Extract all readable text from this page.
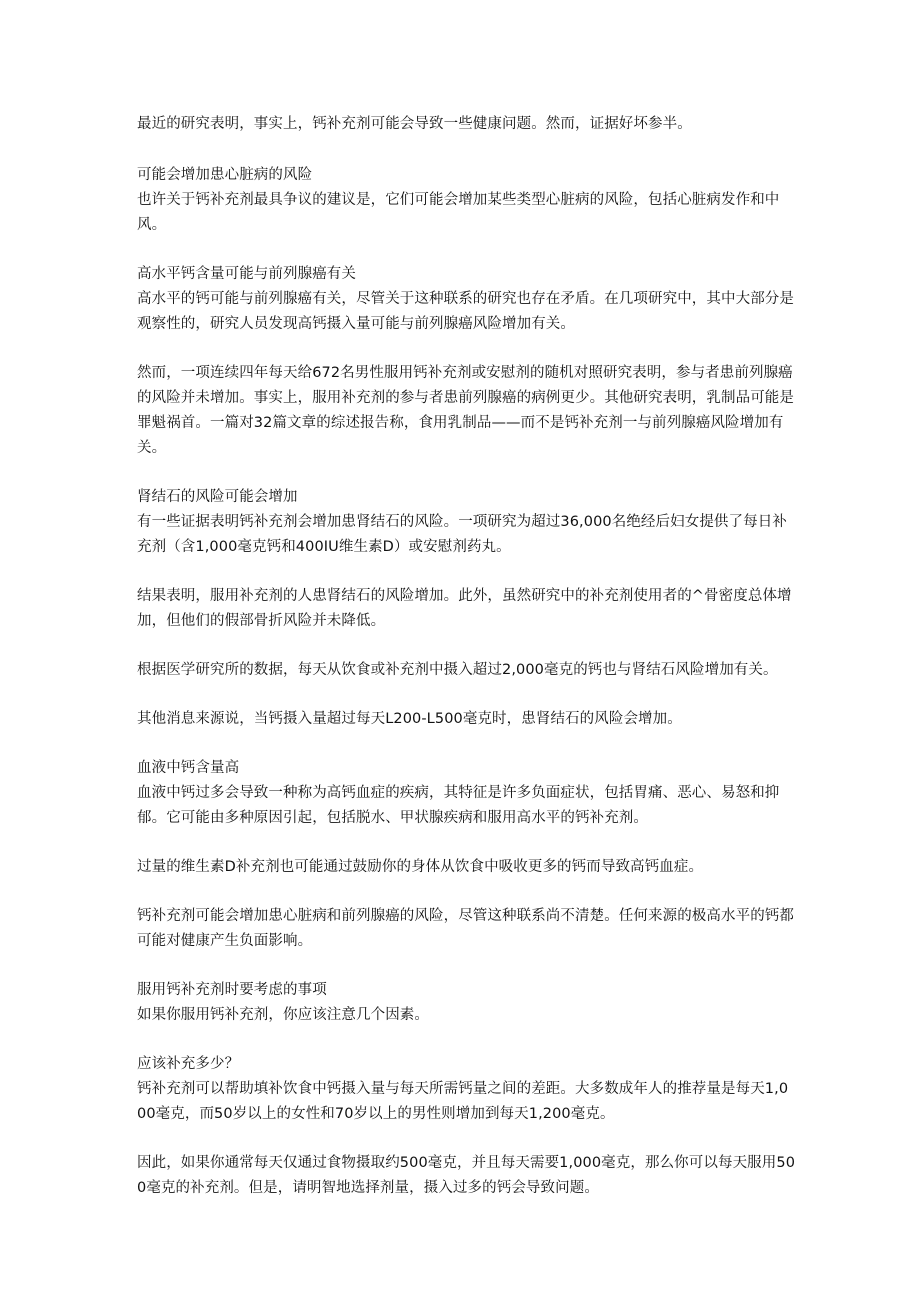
最近的研究表明，事实上，钙补充剂可能会导致一些健康问题。然而，证据好坏参半。

可能会增加患心脏病的风险

也许关于钙补充剂最具争议的建议是，它们可能会增加某些类型心脏病的风险，包括心脏病发作和中风。

高水平钙含量可能与前列腺癌有关

高水平的钙可能与前列腺癌有关，尽管关于这种联系的研究也存在矛盾。在几项研究中，其中大部分是观察性的，研究人员发现高钙摄入量可能与前列腺癌风险增加有关。

然而，一项连续四年每天给672名男性服用钙补充剂或安慰剂的随机对照研究表明，参与者患前列腺癌的风险并未增加。事实上，服用补充剂的参与者患前列腺癌的病例更少。其他研究表明，乳制品可能是罪魁祸首。一篇对32篇文章的综述报告称，食用乳制品——而不是钙补充剂一与前列腺癌风险增加有关。

肾结石的风险可能会增加

有一些证据表明钙补充剂会增加患肾结石的风险。一项研究为超过36,000名绝经后妇女提供了每日补充剂（含1,000毫克钙和400IU维生素D）或安慰剂药丸。

结果表明，服用补充剂的人患肾结石的风险增加。此外，虽然研究中的补充剂使用者的^骨密度总体增加，但他们的假部骨折风险并未降低。

根据医学研究所的数据，每天从饮食或补充剂中摄入超过2,000毫克的钙也与肾结石风险增加有关。

其他消息来源说，当钙摄入量超过每天L200-L500毫克时，患肾结石的风险会增加。

血液中钙含量高

血液中钙过多会导致一种称为高钙血症的疾病，其特征是许多负面症状，包括胃痛、恶心、易怒和抑郁。它可能由多种原因引起，包括脱水、甲状腺疾病和服用高水平的钙补充剂。

过量的维生素D补充剂也可能通过鼓励你的身体从饮食中吸收更多的钙而导致高钙血症。

钙补充剂可能会增加患心脏病和前列腺癌的风险，尽管这种联系尚不清楚。任何来源的极高水平的钙都可能对健康产生负面影响。

服用钙补充剂时要考虑的事项

如果你服用钙补充剂，你应该注意几个因素。

应该补充多少？

钙补充剂可以帮助填补饮食中钙摄入量与每天所需钙量之间的差距。大多数成年人的推荐量是每天1,000毫克，而50岁以上的女性和70岁以上的男性则增加到每天1,200毫克。

因此，如果你通常每天仅通过食物摄取约500毫克，并且每天需要1,000毫克，那么你可以每天服用500毫克的补充剂。但是，请明智地选择剂量，摄入过多的钙会导致问题。
